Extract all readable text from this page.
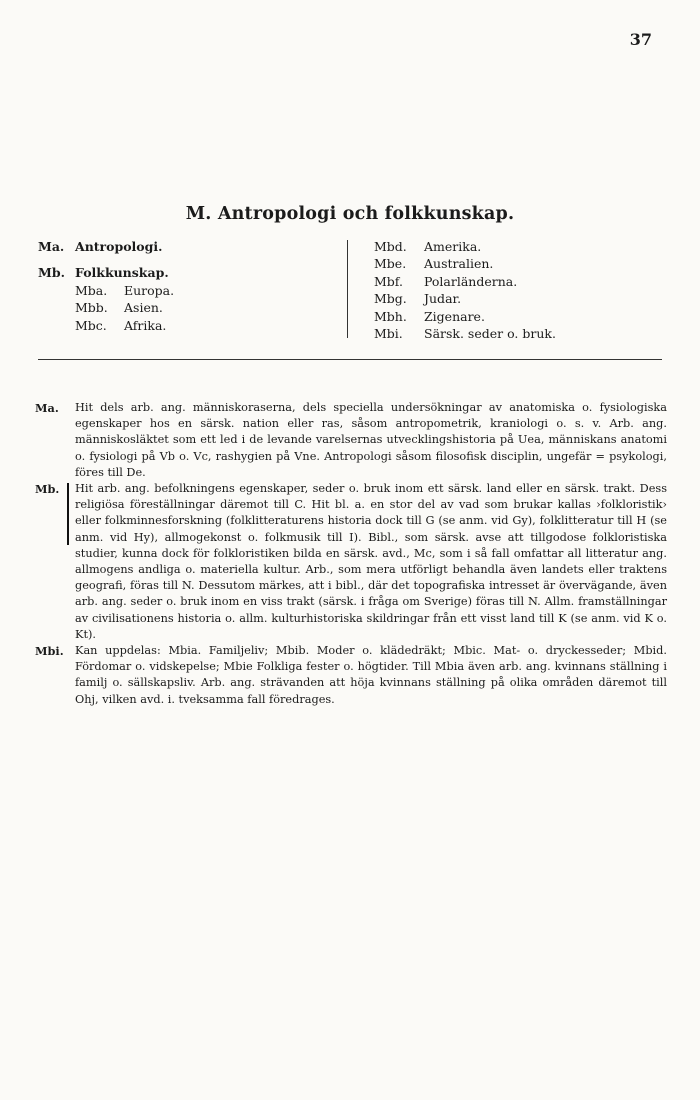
37
M. Antropologi och folkkunskap.
Ma. Antropologi.
Mb. Folkkunskap.
Mba. Europa.
Mbb. Asien.
Mbc. Afrika.
Mbd. Amerika.
Mbe. Australien.
Mbf. Polarländerna.
Mbg. Judar.
Mbh. Zigenare.
Mbi. Särsk. seder o. bruk.
Ma. Hit dels arb. ang. människoraserna, dels speciella undersökningar av anatomiska o. fysiologiska egenskaper hos en särsk. nation eller ras, såsom antropometrik, kraniologi o. s. v. Arb. ang. människosläktet som ett led i de levande varelsernas utvecklingshistoria på Uea, människans anatomi o. fysiologi på Vb o. Vc, rashygien på Vne. Antropologi såsom filosofisk disciplin, ungefär = psykologi, föres till De.
Mb. Hit arb. ang. befolkningens egenskaper, seder o. bruk inom ett särsk. land eller en särsk. trakt. Dess religiösa föreställningar däremot till C. Hit bl. a. en stor del av vad som brukar kallas ›folkloristik› eller folkminnesforskning (folklitteraturens historia dock till G (se anm. vid Gy), folklitteratur till H (se anm. vid Hy), allmogekonst o. folkmusik till I). Bibl., som särsk. avse att tillgodose folkloristiska studier, kunna dock för folkloristiken bilda en särsk. avd., Mc, som i så fall omfattar all litteratur ang. allmogens andliga o. materiella kultur. Arb., som mera utförligt behandla även landets eller traktens geografi, föras till N. Dessutom märkes, att i bibl., där det topografiska intresset är övervägande, även arb. ang. seder o. bruk inom en viss trakt (särsk. i fråga om Sverige) föras till N. Allm. framställningar av civilisationens historia o. allm. kulturhistoriska skildringar från ett visst land till K (se anm. vid K o. Kt).
Mbi. Kan uppdelas: Mbia. Familjeliv; Mbib. Moder o. klädedräkt; Mbic. Mat- o. dryckesseder; Mbid. Fördomar o. vidskepelse; Mbie Folkliga fester o. högtider. Till Mbia även arb. ang. kvinnans ställning i familj o. sällskapsliv. Arb. ang. strävanden att höja kvinnans ställning på olika områden däremot till Ohj, vilken avd. i. tveksamma fall föredrages.
